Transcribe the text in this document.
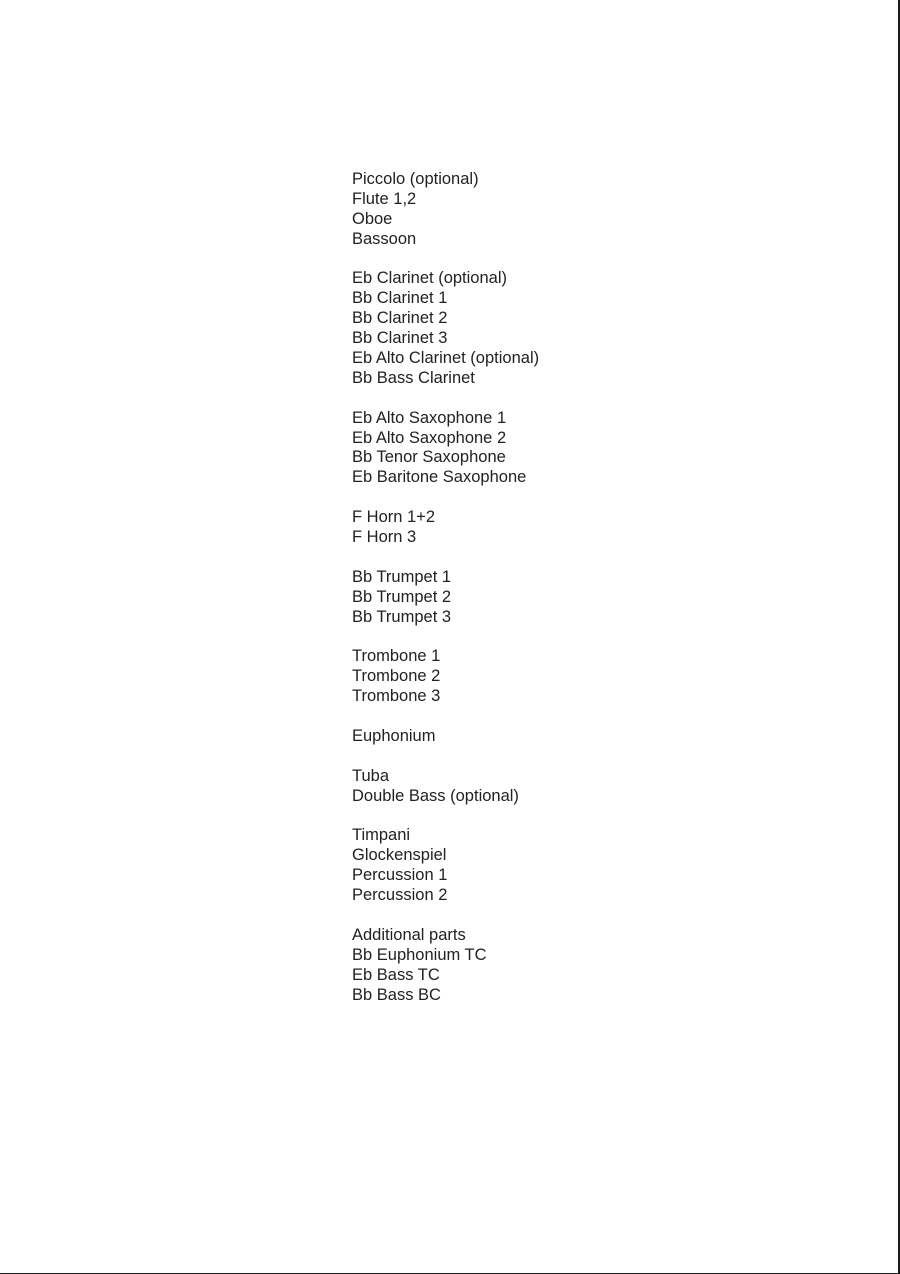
Piccolo (optional)
Flute 1,2
Oboe
Bassoon
Eb Clarinet (optional)
Bb Clarinet 1
Bb Clarinet 2
Bb Clarinet 3
Eb Alto Clarinet (optional)
Bb Bass Clarinet
Eb Alto Saxophone 1
Eb Alto Saxophone 2
Bb Tenor Saxophone
Eb Baritone Saxophone
F Horn 1+2
F Horn 3
Bb Trumpet 1
Bb Trumpet 2
Bb Trumpet 3
Trombone 1
Trombone 2
Trombone 3
Euphonium
Tuba
Double Bass (optional)
Timpani
Glockenspiel
Percussion 1
Percussion 2
Additional parts
Bb Euphonium TC
Eb Bass TC
Bb Bass BC
